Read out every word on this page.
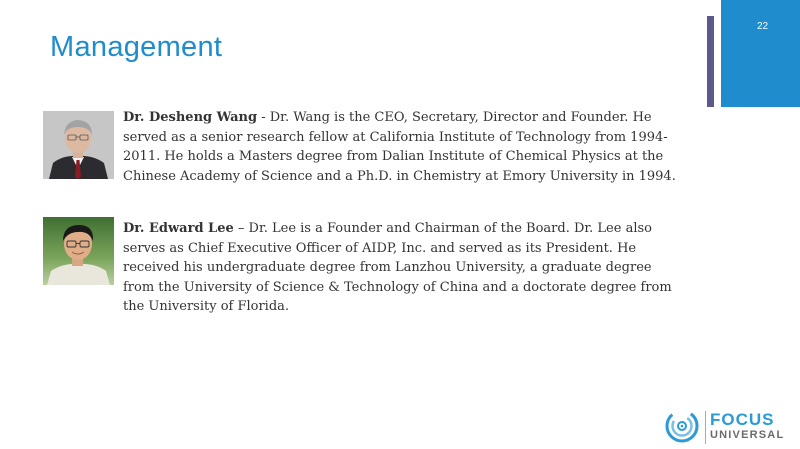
Management
22
Dr. Desheng Wang - Dr. Wang is the CEO, Secretary, Director and Founder. He served as a senior research fellow at California Institute of Technology from 1994-2011. He holds a Masters degree from Dalian Institute of Chemical Physics at the Chinese Academy of Science and a Ph.D. in Chemistry at Emory University in 1994.
Dr. Edward Lee – Dr. Lee is a Founder and Chairman of the Board. Dr. Lee also serves as Chief Executive Officer of AIDP, Inc. and served as its President. He received his undergraduate degree from Lanzhou University, a graduate degree from the University of Science & Technology of China and a doctorate degree from the University of Florida.
FOCUS
UNIVERSAL
